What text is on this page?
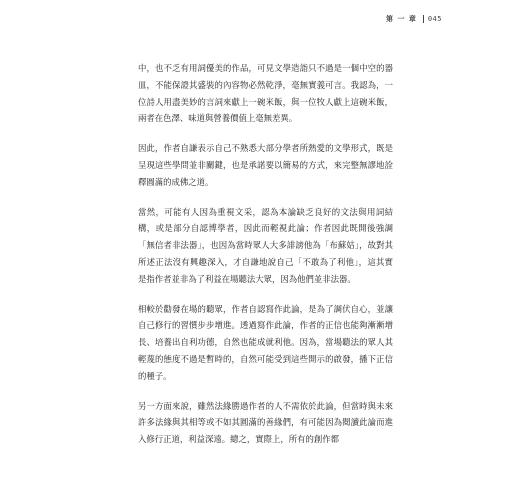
第 一 章 045

中，也不乏有用詞優美的作品，可見文學造詣只不過是一個中空的器皿，不能保證其盛裝的內容物必然乾淨，毫無實義可言。我認為，一位詩人用盡美妙的言詞來獻上一碗米飯，與一位牧人獻上這碗米飯，兩者在色澤、味道與營養價值上毫無差異。

因此，作者自謙表示自己不熟悉大部分學者所熱愛的文學形式，既是呈現這些學問並非關鍵，也是承諾要以簡易的方式，來完整無謬地詮釋圓滿的成佛之道。

當然，可能有人因為重視文采，認為本論缺乏良好的文法與用詞結構，或是部分自認博學者，因此而輕視此論；作者因此既開後強調「無信者非法器」，也因為當時眾人大多誹謗他為「布蘇姑」，故對其所述正法沒有興趣深入，才自謙地說自己「不敢為了利他」，這其實是指作者並非為了利益在場聽法大眾，因為他們並非法器。

相較於勸發在場的聽眾，作者自認寫作此論，是為了調伏自心，並讓自己修行的習慣步步增進。透過寫作此論，作者的正信也能夠漸漸增長、培養出自利功德，自然也能成就利他。因為，當場聽法的眾人其輕蔑的態度不過是暫時的，自然可能受到這些開示的啟發，播下正信的種子。

另一方面來說，雖然法緣勝過作者的人不需依於此論，但當時與未來許多法緣與其相等或不如其圓滿的善緣們，有可能因為閱讀此論而進入修行正道，利益深遠。總之，實際上，所有的創作都
